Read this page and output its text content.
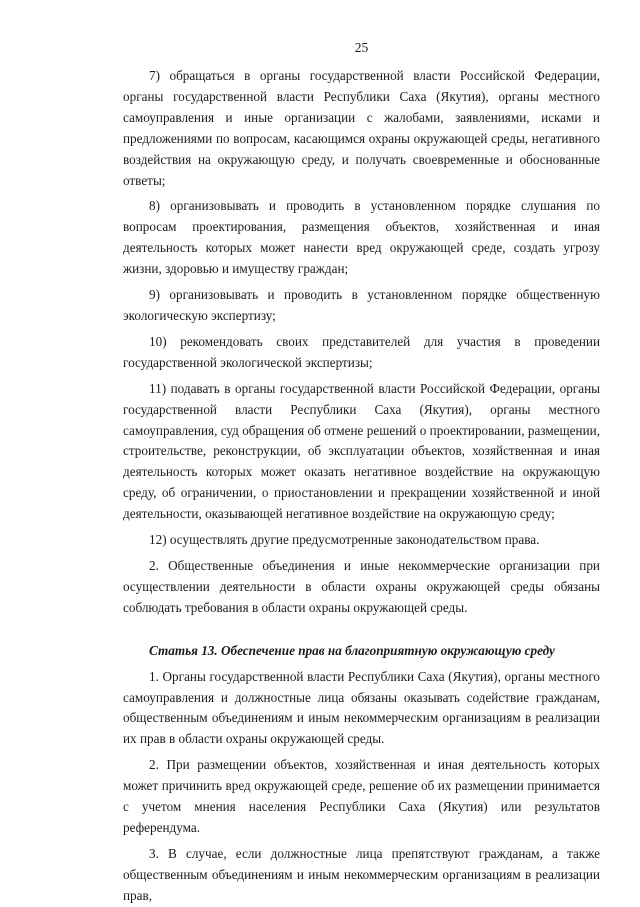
25

7) обращаться в органы государственной власти Российской Федерации, органы государственной власти Республики Саха (Якутия), органы местного самоуправления и иные организации с жалобами, заявлениями, исками и предложениями по вопросам, касающимся охраны окружающей среды, негативного воздействия на окружающую среду, и получать своевременные и обоснованные ответы;

8) организовывать и проводить в установленном порядке слушания по вопросам проектирования, размещения объектов, хозяйственная и иная деятельность которых может нанести вред окружающей среде, создать угрозу жизни, здоровью и имуществу граждан;

9) организовывать и проводить в установленном порядке общественную экологическую экспертизу;

10) рекомендовать своих представителей для участия в проведении государственной экологической экспертизы;

11) подавать в органы государственной власти Российской Федерации, органы государственной власти Республики Саха (Якутия), органы местного самоуправления, суд обращения об отмене решений о проектировании, размещении, строительстве, реконструкции, об эксплуатации объектов, хозяйственная и иная деятельность которых может оказать негативное воздействие на окружающую среду, об ограничении, о приостановлении и прекращении хозяйственной и иной деятельности, оказывающей негативное воздействие на окружающую среду;

12) осуществлять другие предусмотренные законодательством права.

2. Общественные объединения и иные некоммерческие организации при осуществлении деятельности в области охраны окружающей среды обязаны соблюдать требования в области охраны окружающей среды.

Статья 13. Обеспечение прав на благоприятную окружающую среду

1. Органы государственной власти Республики Саха (Якутия), органы местного самоуправления и должностные лица обязаны оказывать содействие гражданам, общественным объединениям и иным некоммерческим организациям в реализации их прав в области охраны окружающей среды.

2. При размещении объектов, хозяйственная и иная деятельность которых может причинить вред окружающей среде, решение об их размещении принимается с учетом мнения населения Республики Саха (Якутия) или результатов референдума.

3. В случае, если должностные лица препятствуют гражданам, а также общественным объединениям и иным некоммерческим организациям в реализации прав,
